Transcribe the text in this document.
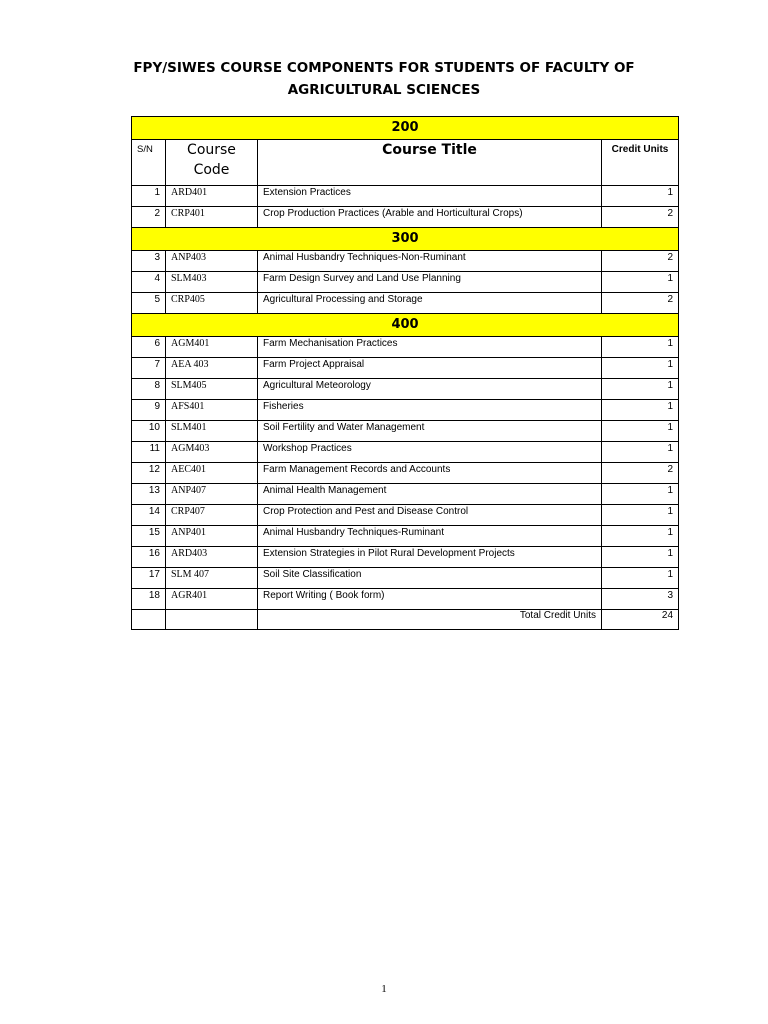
FPY/SIWES COURSE COMPONENTS FOR STUDENTS OF FACULTY OF
AGRICULTURAL SCIENCES
200			
S/N	Course Code	Course Title	Credit Units
1	ARD401	Extension Practices	1
2	CRP401	Crop Production Practices (Arable and Horticultural Crops)	2
300			
3	ANP403	Animal Husbandry Techniques-Non-Ruminant	2
4	SLM403	Farm Design Survey and Land Use Planning	1
5	CRP405	Agricultural Processing and Storage	2
400			
6	AGM401	Farm Mechanisation Practices	1
7	AEA 403	Farm Project Appraisal	1
8	SLM405	Agricultural Meteorology	1
9	AFS401	Fisheries	1
10	SLM401	Soil Fertility and Water Management	1
11	AGM403	Workshop Practices	1
12	AEC401	Farm Management Records and Accounts	2
13	ANP407	Animal Health Management	1
14	CRP407	Crop Protection and Pest and Disease Control	1
15	ANP401	Animal Husbandry Techniques-Ruminant	1
16	ARD403	Extension Strategies in Pilot Rural Development Projects	1
17	SLM 407	Soil Site Classification	1
18	AGR401	Report Writing ( Book form)	3
		Total Credit Units	24
1
